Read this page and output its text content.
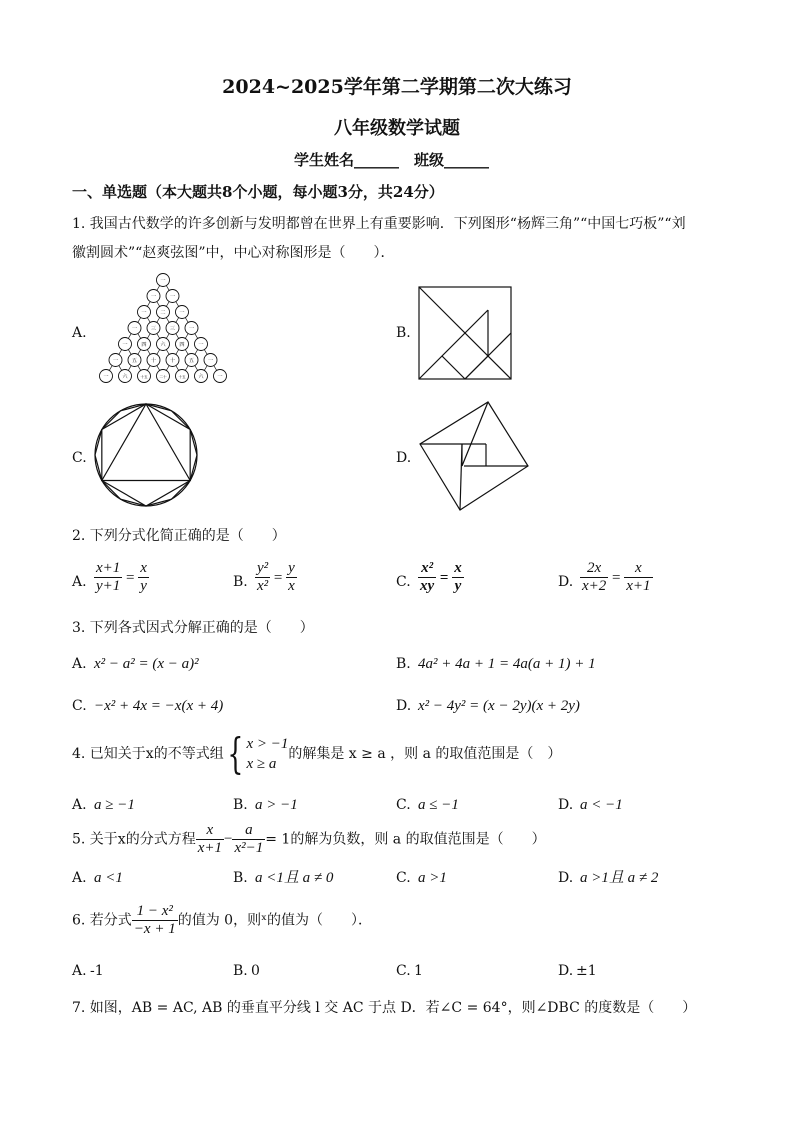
2024~2025学年第二学期第二次大练习
八年级数学试题
学生姓名______　班级______
一、单选题（本大题共8个小题，每小题3分，共24分）
1. 我国古代数学的许多创新与发明都曾在世界上有重要影响．下列图形“杨辉三角”“中国七巧板”“刘
徽割圆术”“赵爽弦图”中，中心对称图形是（　　）．
A.
一
一	一
一	二	一
一	三	三	一
一	四	六	四	一
一	五	十	十	五	一
一	六	十五	二十	十五 六	一
B.
C.	D.
2. 下列分式化简正确的是（　　）
A. $\frac{x+1}{y+1} = \frac{x}{y}$	B. $\frac{\text{y²}}{\text{x²}} = \frac{y}{x}$	C. $\frac{\text{x²}}{xy} = \frac{x}{y}$	D. $\frac{2x}{x+2} = \frac{x}{x+1}$
3. 下列各式因式分解正确的是（　　）
A. x² − a² = (x − a)²	B. 4a² + 4a + 1 = 4a(a + 1) + 1
C. −x² + 4x = −x(x + 4)	D. x² − 4y² = (x − 2y)(x + 2y)
4. 已知关于x的不等式组{ x > −1
x ≥ a
的解集是 x ≥ a ，则 a 的取值范围是（　）
A. a ≥ −1	B. a > −1	C. a ≤ −1	D. a < −1
5. 关于x的分式方程 $\frac{x}{x+1} - \frac{a}{\text{x²−1}} = 1$的解为负数，则 a 的取值范围是（　　）
A. a <1	B. a <1且 a ≠ 0	C. a >1	D. a >1且 a ≠ 2
6. 若分式 $\frac{\text{1 − x²}}{-x + 1}$ 的值为 0，则ˣ的值为（　　）．
A. -1	B. 0	C. 1	D. ±1
7. 如图，AB = AC, AB 的垂直平分线 l 交 AC 于点 D．若∠C = 64°，则∠DBC 的度数是（　　）
